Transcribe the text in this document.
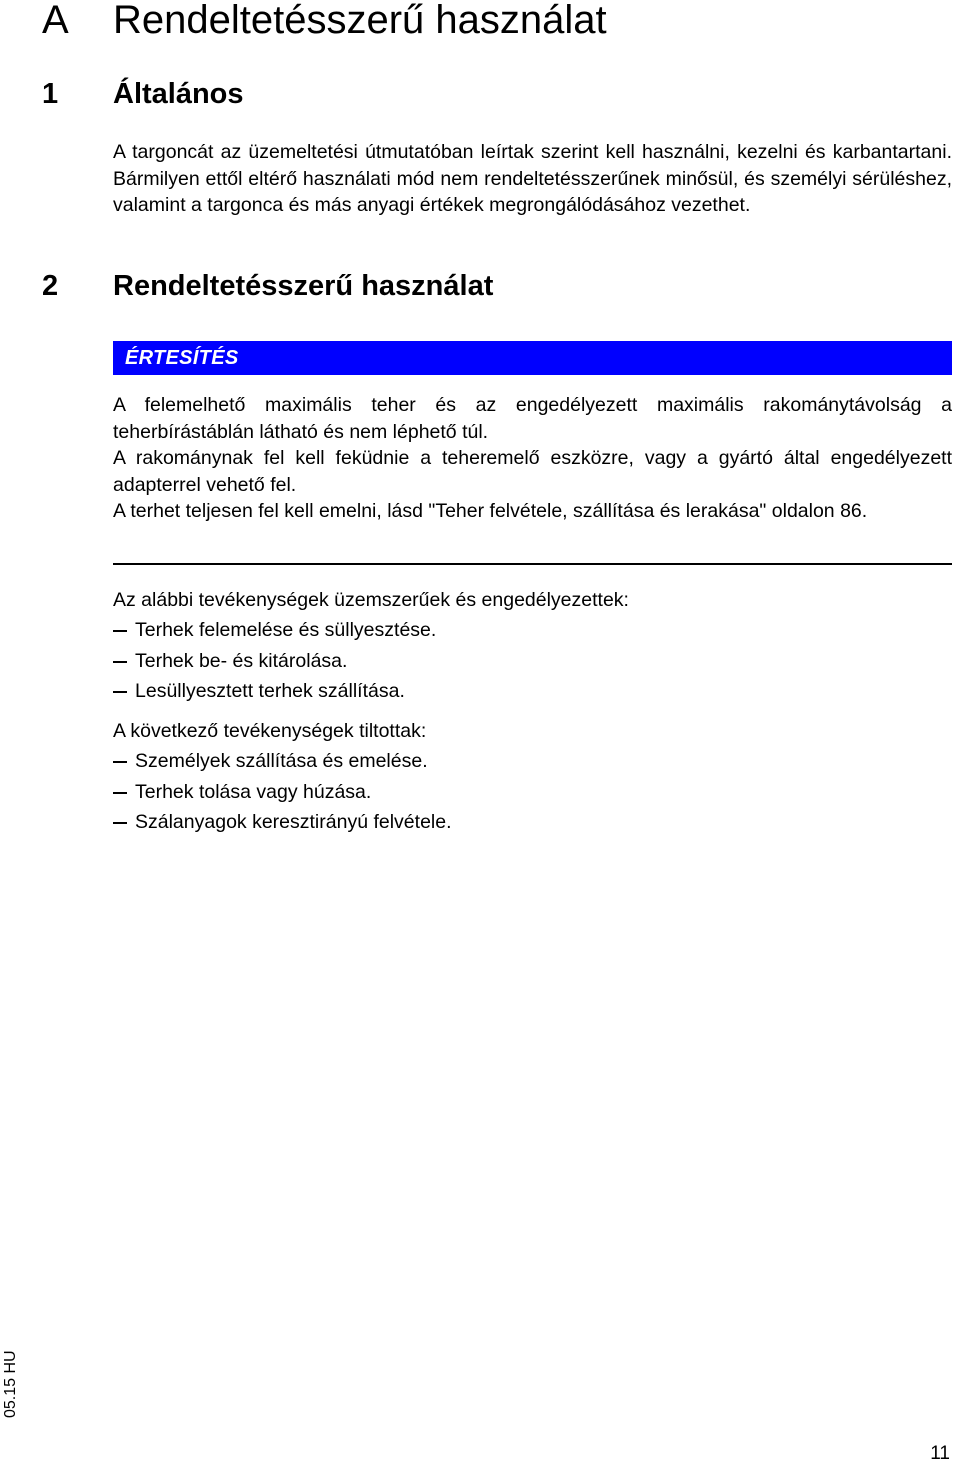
A Rendeltetésszerű használat
1 Általános

A targoncát az üzemeltetési útmutatóban leírtak szerint kell használni, kezelni és karbantartani. Bármilyen ettől eltérő használati mód nem rendeltetésszerűnek minősül, és személyi sérüléshez, valamint a targonca és más anyagi értékek megrongálódásához vezethet.

2 Rendeltetésszerű használat
ÉRTESÍTÉS

A felemelhető maximális teher és az engedélyezett maximális rakománytávolság a teherbírástáblán látható és nem léphető túl.

A rakománynak fel kell feküdnie a teheremelő eszközre, vagy a gyártó által engedélyezett adapterrel vehető fel.

A terhet teljesen fel kell emelni, lásd "Teher felvétele, szállítása és lerakása" oldalon 86.

Az alábbi tevékenységek üzemszerűek és engedélyezettek:

Terhek felemelése és süllyesztése.
Terhek be- és kitárolása.
Lesüllyesztett terhek szállítása.

A következő tevékenységek tiltottak:

Személyek szállítása és emelése.
Terhek tolása vagy húzása.
Szálanyagok keresztirányú felvétele.
05.15 HU
11
